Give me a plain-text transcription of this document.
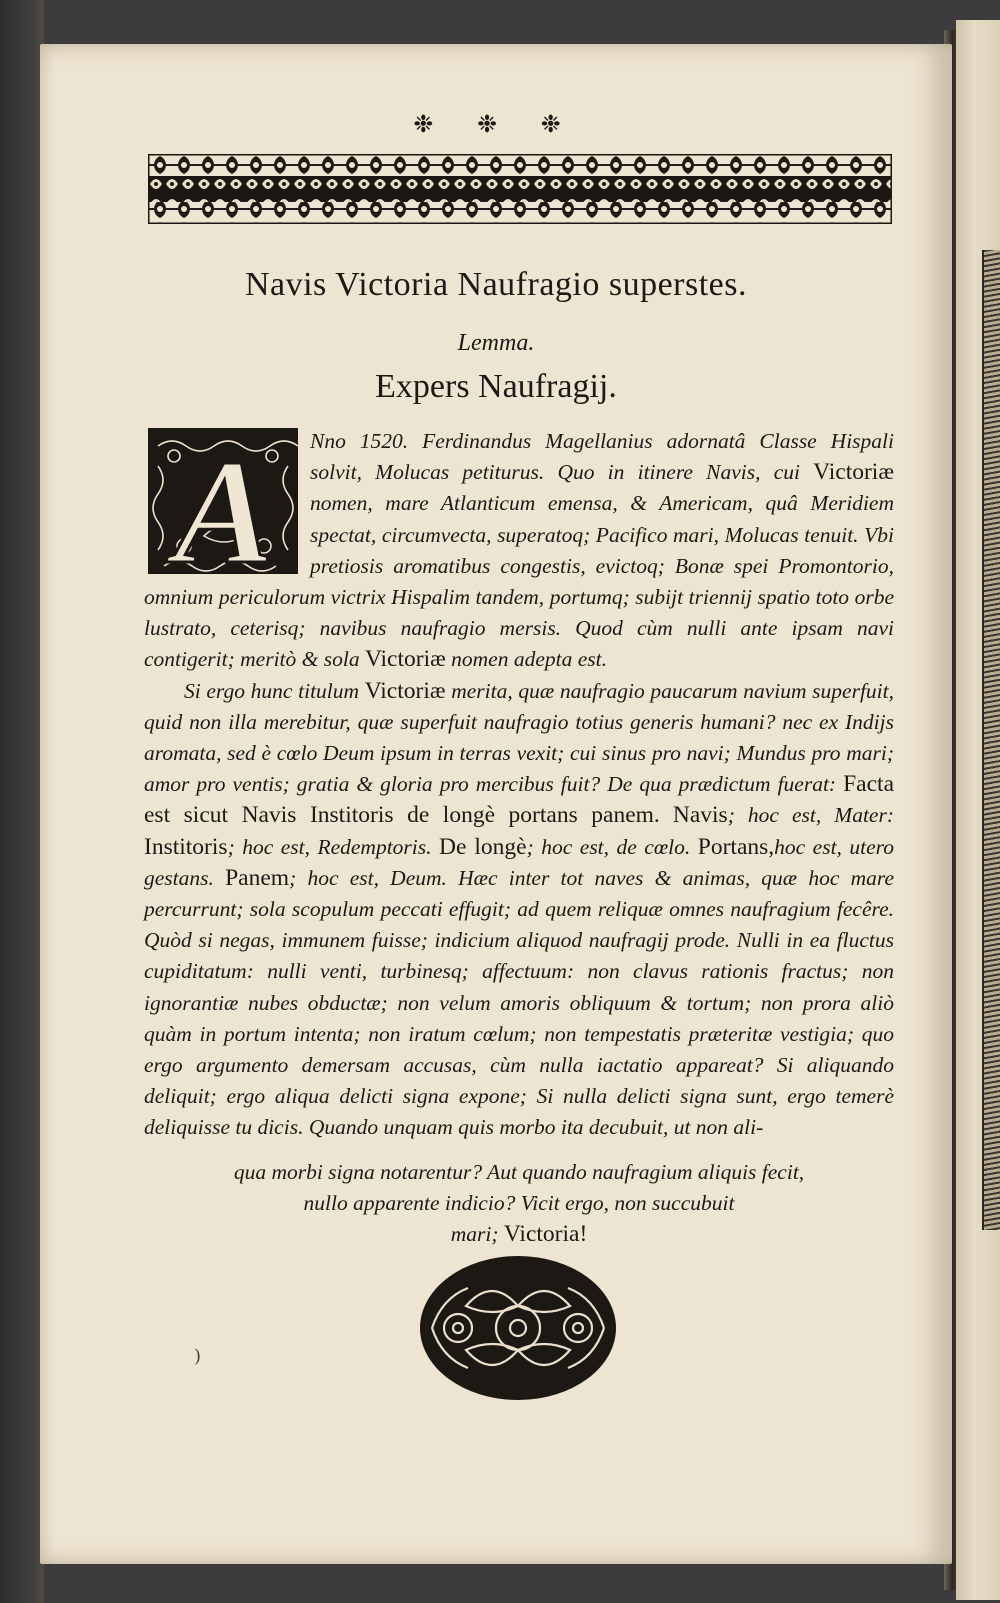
❉ ❉ ❉
Navis Victoria Naufragio superstes.
Lemma.
Expers Naufragij.

A Nno 1520. Ferdinandus Magellanius adornatâ Classe Hispali solvit, Molucas petiturus. Quo in itinere Navis, cui Victoriæ nomen, mare Atlanticum emensa, & Americam, quâ Meridiem spectat, circumvecta, superatoq; Pacifico mari, Molucas tenuit. Vbi pretiosis aromatibus congestis, evictoq; Bonæ spei Promontorio, omnium periculorum victrix Hispalim tandem, portumq; subijt triennij spatio toto orbe lustrato, ceterisq; navibus naufragio mersis. Quod cùm nulli ante ipsam navi contigerit; meritò & sola Victoriæ nomen adepta est.

Si ergo hunc titulum Victoriæ merita, quæ naufragio paucarum navium superfuit, quid non illa merebitur, quæ superfuit naufragio totius generis humani? nec ex Indijs aromata, sed è cœlo Deum ipsum in terras vexit; cui sinus pro navi; Mundus pro mari; amor pro ventis; gratia & gloria pro mercibus fuit? De qua prædictum fuerat: Facta est sicut Navis Institoris de longè portans panem. Navis; hoc est, Mater: Institoris; hoc est, Redemptoris. De longè; hoc est, de cœlo. Portans,hoc est, utero gestans. Panem; hoc est, Deum. Hæc inter tot naves & animas, quæ hoc mare percurrunt; sola scopulum peccati effugit; ad quem reliquæ omnes naufragium fecêre. Quòd si negas, immunem fuisse; indicium aliquod naufragij prode. Nulli in ea fluctus cupiditatum: nulli venti, turbinesq; affectuum: non clavus rationis fractus; non ignorantiæ nubes obductæ; non velum amoris obliquum & tortum; non prora aliò quàm in portum intenta; non iratum cœlum; non tempestatis præteritæ vestigia; quo ergo argumento demersam accusas, cùm nulla iactatio appareat? Si aliquando deliquit; ergo aliqua delicti signa expone; Si nulla delicti signa sunt, ergo temerè deliquisse tu dicis. Quando unquam quis morbo ita decubuit, ut non ali-

qua morbi signa notarentur? Aut quando naufragium aliquis fecit,
nullo apparente indicio? Vicit ergo, non succubuit
mari; Victoria!
)
